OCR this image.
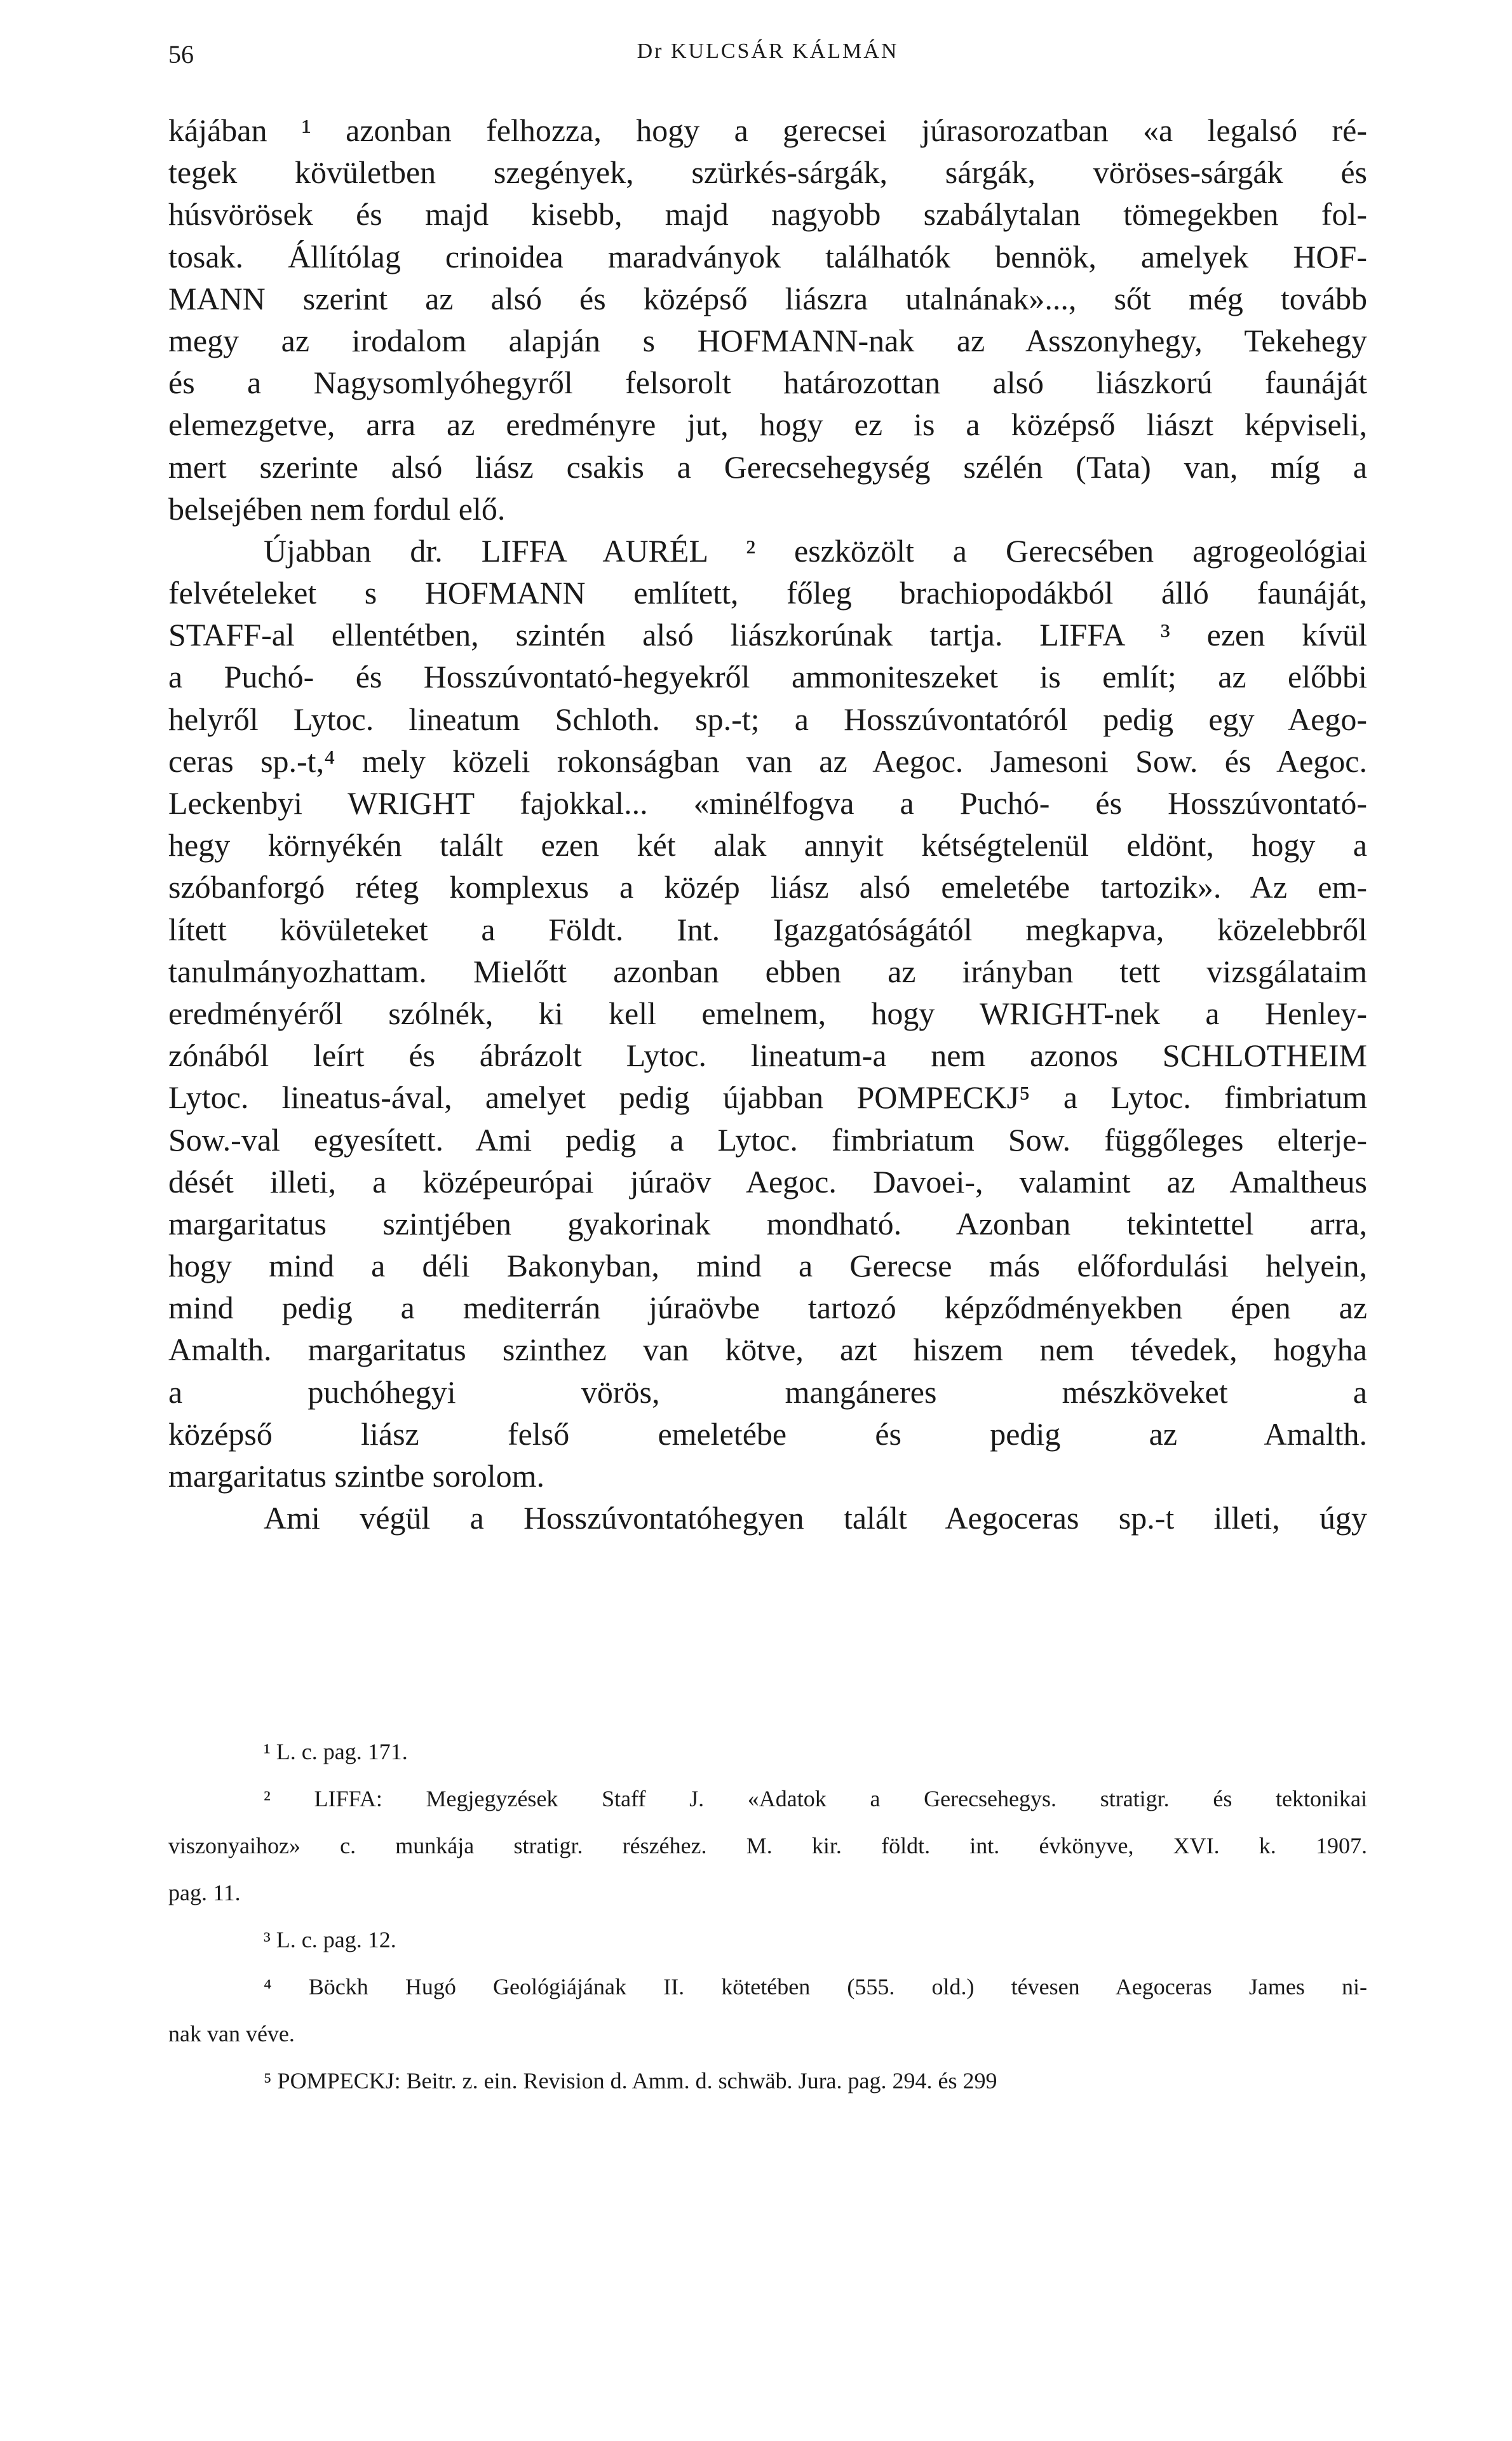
56	Dr KULCSÁR KÁLMÁN
kájában ¹ azonban felhozza, hogy a gerecsei júrasorozatban «a legalsó ré-
tegek kövületben szegények, szürkés-sárgák, sárgák, vöröses-sárgák és
húsvörösek és majd kisebb, majd nagyobb szabálytalan tömegekben fol-
tosak. Állítólag crinoidea maradványok találhatók bennök, amelyek HOF-
MANN szerint az alsó és középső liászra utalnának»..., sőt még tovább
megy az irodalom alapján s HOFMANN-nak az Asszonyhegy, Tekehegy
és a Nagysomlyóhegyről felsorolt határozottan alsó liászkorú faunáját
elemezgetve, arra az eredményre jut, hogy ez is a középső liászt képviseli,
mert szerinte alsó liász csakis a Gerecsehegység szélén (Tata) van, míg a
belsejében nem fordul elő.
Újabban dr. LIFFA AURÉL ² eszközölt a Gerecsében agrogeológiai
felvételeket s HOFMANN említett, főleg brachiopodákból álló faunáját,
STAFF-al ellentétben, szintén alsó liászkorúnak tartja. LIFFA ³ ezen kívül
a Puchó- és Hosszúvontató-hegyekről ammoniteszeket is említ; az előbbi
helyről Lytoc. lineatum Schloth. sp.-t; a Hosszúvontatóról pedig egy Aego-
ceras sp.-t,⁴ mely közeli rokonságban van az Aegoc. Jamesoni Sow. és Aegoc.
Leckenbyi WRIGHT fajokkal... «minélfogva a Puchó- és Hosszúvontató-
hegy környékén talált ezen két alak annyit kétségtelenül eldönt, hogy a
szóbanforgó réteg komplexus a közép liász alsó emeletébe tartozik». Az em-
lített kövületeket a Földt. Int. Igazgatóságától megkapva, közelebbről
tanulmányozhattam. Mielőtt azonban ebben az irányban tett vizsgálataim
eredményéről szólnék, ki kell emelnem, hogy WRIGHT-nek a Henley-
zónából leírt és ábrázolt Lytoc. lineatum-a nem azonos SCHLOTHEIM
Lytoc. lineatus-ával, amelyet pedig újabban POMPECKJ⁵ a Lytoc. fimbriatum
Sow.-val egyesített. Ami pedig a Lytoc. fimbriatum Sow. függőleges elterje-
dését illeti, a középeurópai júraöv Aegoc. Davoei-, valamint az Amaltheus
margaritatus szintjében gyakorinak mondható. Azonban tekintettel arra,
hogy mind a déli Bakonyban, mind a Gerecse más előfordulási helyein,
mind pedig a mediterrán júraövbe tartozó képződményekben épen az
Amalth. margaritatus szinthez van kötve, azt hiszem nem tévedek, hogyha
a puchóhegyi vörös, mangáneres mészköveket a
középső liász felső emeletébe és pedig az Amalth.
margaritatus szintbe sorolom.
Ami végül a Hosszúvontatóhegyen talált Aegoceras sp.-t illeti, úgy
¹ L. c. pag. 171.
² LIFFA: Megjegyzések Staff J. «Adatok a Gerecsehegys. stratigr. és tektonikai
viszonyaihoz» c. munkája stratigr. részéhez. M. kir. földt. int. évkönyve, XVI. k. 1907.
pag. 11.
³ L. c. pag. 12.
⁴ Böckh Hugó Geológiájának II. kötetében (555. old.) tévesen Aegoceras James ni-
nak van véve.
⁵ POMPECKJ: Beitr. z. ein. Revision d. Amm. d. schwäb. Jura. pag. 294. és 299
